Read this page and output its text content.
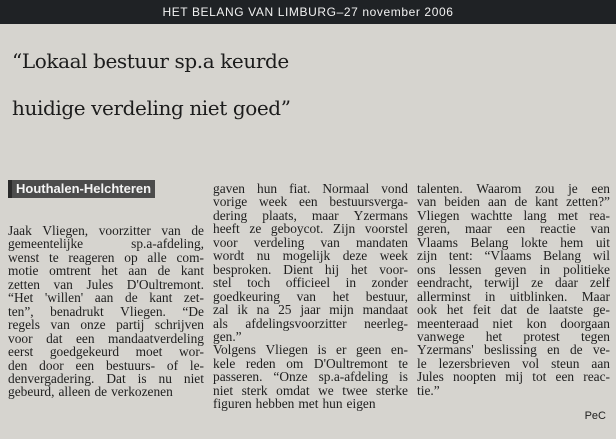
HET BELANG VAN LIMBURG – 27 november 2006
“Lokaal bestuur sp.a keurde
huidige verdeling niet goed”
Houthalen-Helchteren
Jaak Vliegen, voorzitter van de
gemeentelijke	sp.a-afdeling,
wenst te reageren op alle com-
motie omtrent het aan de kant
zetten van Jules D'Oultremont.
“Het 'willen' aan de kant zet-
ten”, benadrukt Vliegen. “De
regels van onze partij schrijven
voor dat een mandaatverdeling
eerst goedgekeurd moet wor-
den door een bestuurs- of le-
denvergadering. Dat is nu niet
gebeurd, alleen de verkozenen
gaven hun fiat. Normaal vond
vorige week een bestuursverga-
dering plaats, maar Yzermans
heeft ze geboycot. Zijn voorstel
voor verdeling van mandaten
wordt nu mogelijk deze week
besproken. Dient hij het voor-
stel toch officieel in zonder
goedkeuring van het bestuur,
zal ik na 25 jaar mijn mandaat
als afdelingsvoorzitter neerleg-
gen.”
Volgens Vliegen is er geen en-
kele reden om D'Oultremont te
passeren. “Onze sp.a-afdeling is
niet sterk omdat we twee sterke
figuren hebben met hun eigen
talenten. Waarom zou je een
van beiden aan de kant zetten?”
Vliegen wachtte lang met rea-
geren, maar een reactie van
Vlaams Belang lokte hem uit
zijn tent: “Vlaams Belang wil
ons lessen geven in politieke
eendracht, terwijl ze daar zelf
allerminst in uitblinken. Maar
ook het feit dat de laatste ge-
meenteraad niet kon doorgaan
vanwege het protest tegen
Yzermans' beslissing en de ve-
le lezersbrieven vol steun aan
Jules noopten mij tot een reac-
tie.”
PeC
